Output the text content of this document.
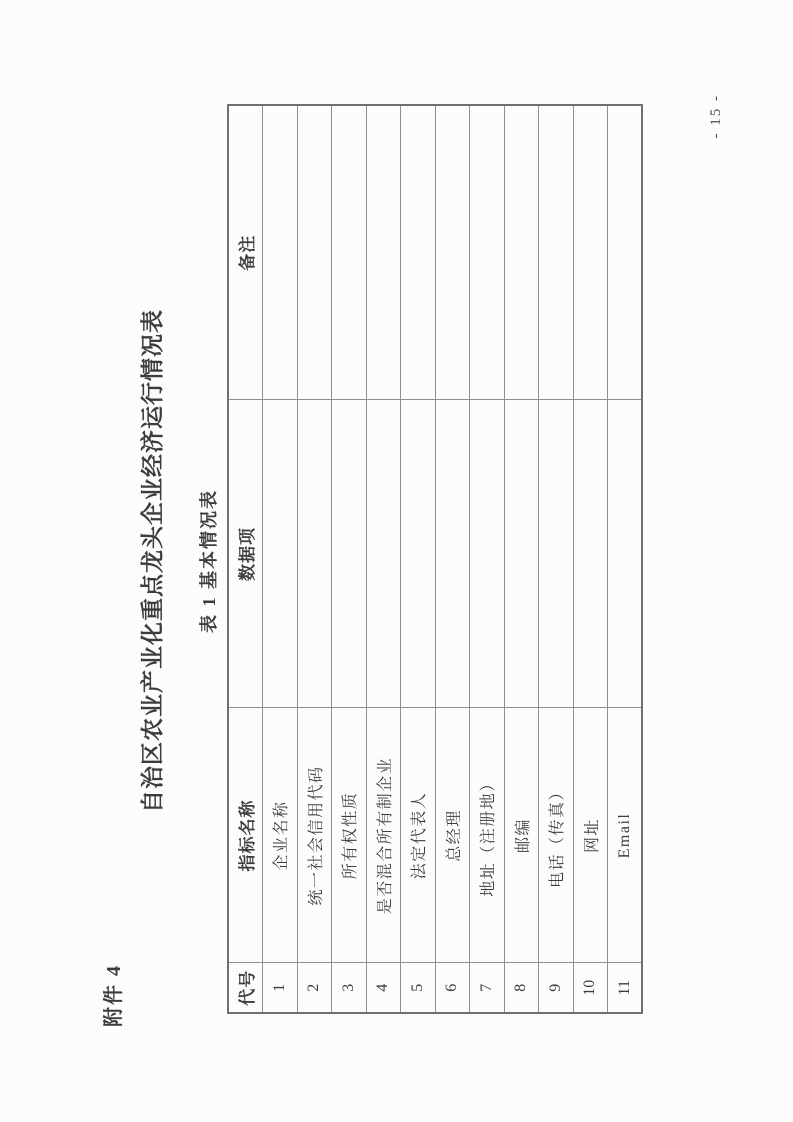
附件 4
自治区农业产业化重点龙头企业经济运行情况表 表 1 基本情况表
代号	指标名称	数据项	备注
1	企业名称		
2	统一社会信用代码		
3	所有权性质		
4	是否混合所有制企业		
5	法定代表人		
6	总经理		
7	地址（注册地）		
8	邮编		
9	电话（传真）		
10	网址		
11	Email		
- 15 -
